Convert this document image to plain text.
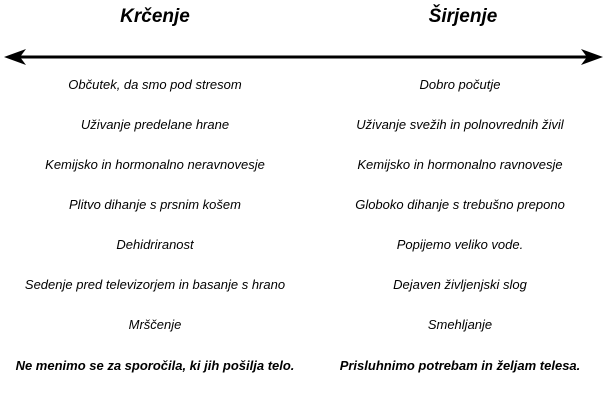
Krčenje	Širjenje
Občutek, da smo pod stresom
Uživanje predelane hrane
Kemijsko in hormonalno neravnovesje
Plitvo dihanje s prsnim košem
Dehidriranost
Sedenje pred televizorjem in basanje s hrano
Mrščenje
Ne menimo se za sporočila, ki jih pošilja telo.
Dobro počutje
Uživanje svežih in polnovrednih živil
Kemijsko in hormonalno ravnovesje
Globoko dihanje s trebušno prepono
Popijemo veliko vode.
Dejaven življenjski slog
Smehljanje
Prisluhnimo potrebam in željam telesa.
